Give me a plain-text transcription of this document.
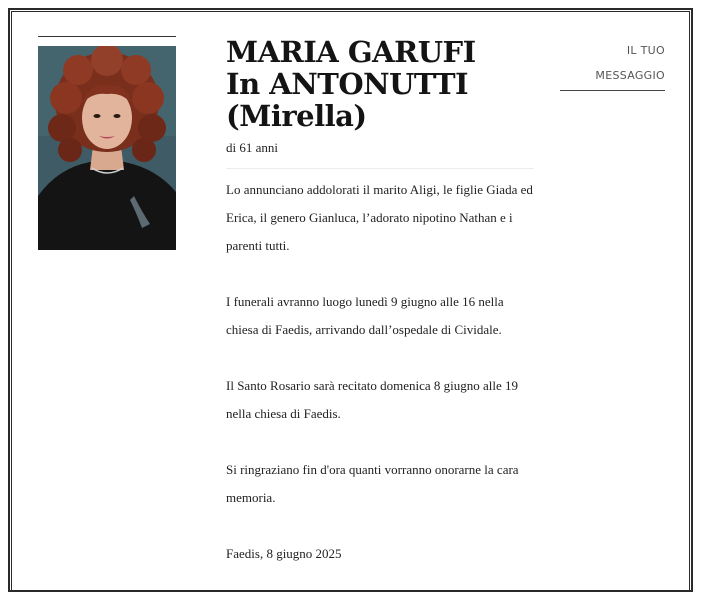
MARIA GARUFI
In ANTONUTTI
(Mirella)
di 61 anni

Lo annunciano addolorati il marito Aligi, le figlie Giada ed Erica, il genero Gianluca, l’adorato nipotino Nathan e i parenti tutti.

I funerali avranno luogo lunedì 9 giugno alle 16 nella chiesa di Faedis, arrivando dall’ospedale di Cividale.

Il Santo Rosario sarà recitato domenica 8 giugno alle 19 nella chiesa di Faedis.

Si ringraziano fin d'ora quanti vorranno onorarne la cara memoria.

Faedis, 8 giugno 2025

IL TUO
MESSAGGIO
